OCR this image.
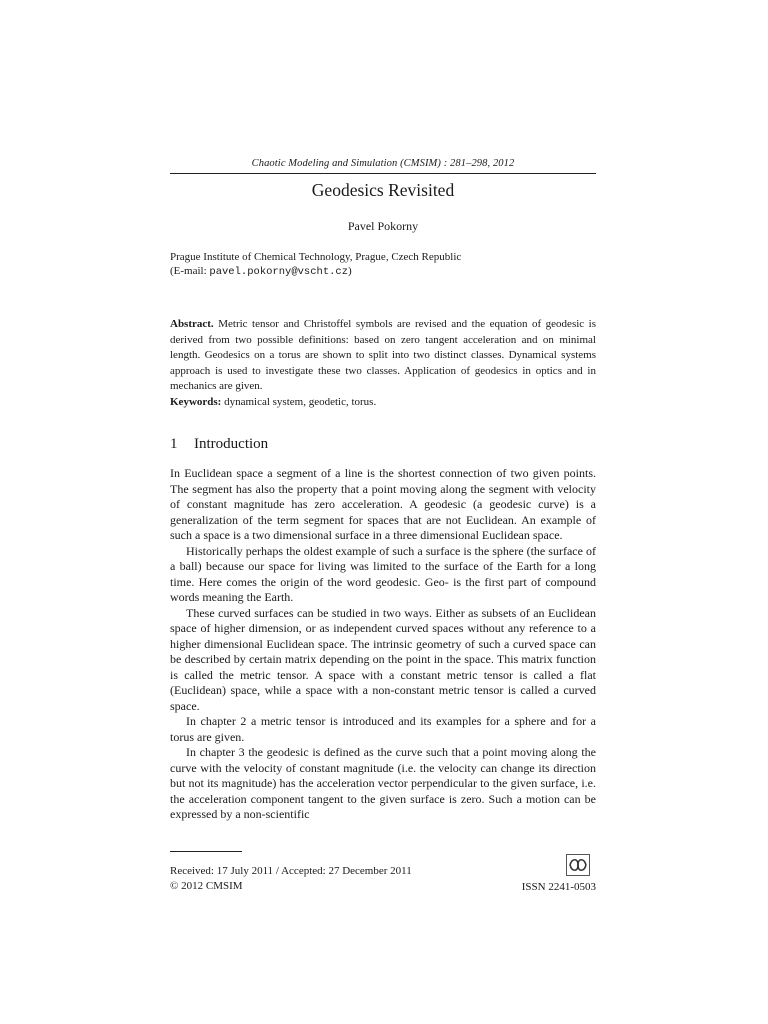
Chaotic Modeling and Simulation (CMSIM) : 281–298, 2012
Geodesics Revisited
Pavel Pokorny
Prague Institute of Chemical Technology, Prague, Czech Republic
(E-mail: pavel.pokorny@vscht.cz)
Abstract. Metric tensor and Christoffel symbols are revised and the equation of geodesic is derived from two possible definitions: based on zero tangent acceleration and on minimal length. Geodesics on a torus are shown to split into two distinct classes. Dynamical systems approach is used to investigate these two classes. Application of geodesics in optics and in mechanics are given.
Keywords: dynamical system, geodetic, torus.
1 Introduction

In Euclidean space a segment of a line is the shortest connection of two given points. The segment has also the property that a point moving along the segment with velocity of constant magnitude has zero acceleration. A geodesic (a geodesic curve) is a generalization of the term segment for spaces that are not Euclidean. An example of such a space is a two dimensional surface in a three dimensional Euclidean space.

Historically perhaps the oldest example of such a surface is the sphere (the surface of a ball) because our space for living was limited to the surface of the Earth for a long time. Here comes the origin of the word geodesic. Geo- is the first part of compound words meaning the Earth.

These curved surfaces can be studied in two ways. Either as subsets of an Euclidean space of higher dimension, or as independent curved spaces without any reference to a higher dimensional Euclidean space. The intrinsic geometry of such a curved space can be described by certain matrix depending on the point in the space. This matrix function is called the metric tensor. A space with a constant metric tensor is called a flat (Euclidean) space, while a space with a non-constant metric tensor is called a curved space.

In chapter 2 a metric tensor is introduced and its examples for a sphere and for a torus are given.

In chapter 3 the geodesic is defined as the curve such that a point moving along the curve with the velocity of constant magnitude (i.e. the velocity can change its direction but not its magnitude) has the acceleration vector perpendicular to the given surface, i.e. the acceleration component tangent to the given surface is zero. Such a motion can be expressed by a non-scientific

Received: 17 July 2011 / Accepted: 27 December 2011
© 2012 CMSIM	ISSN 2241-0503
